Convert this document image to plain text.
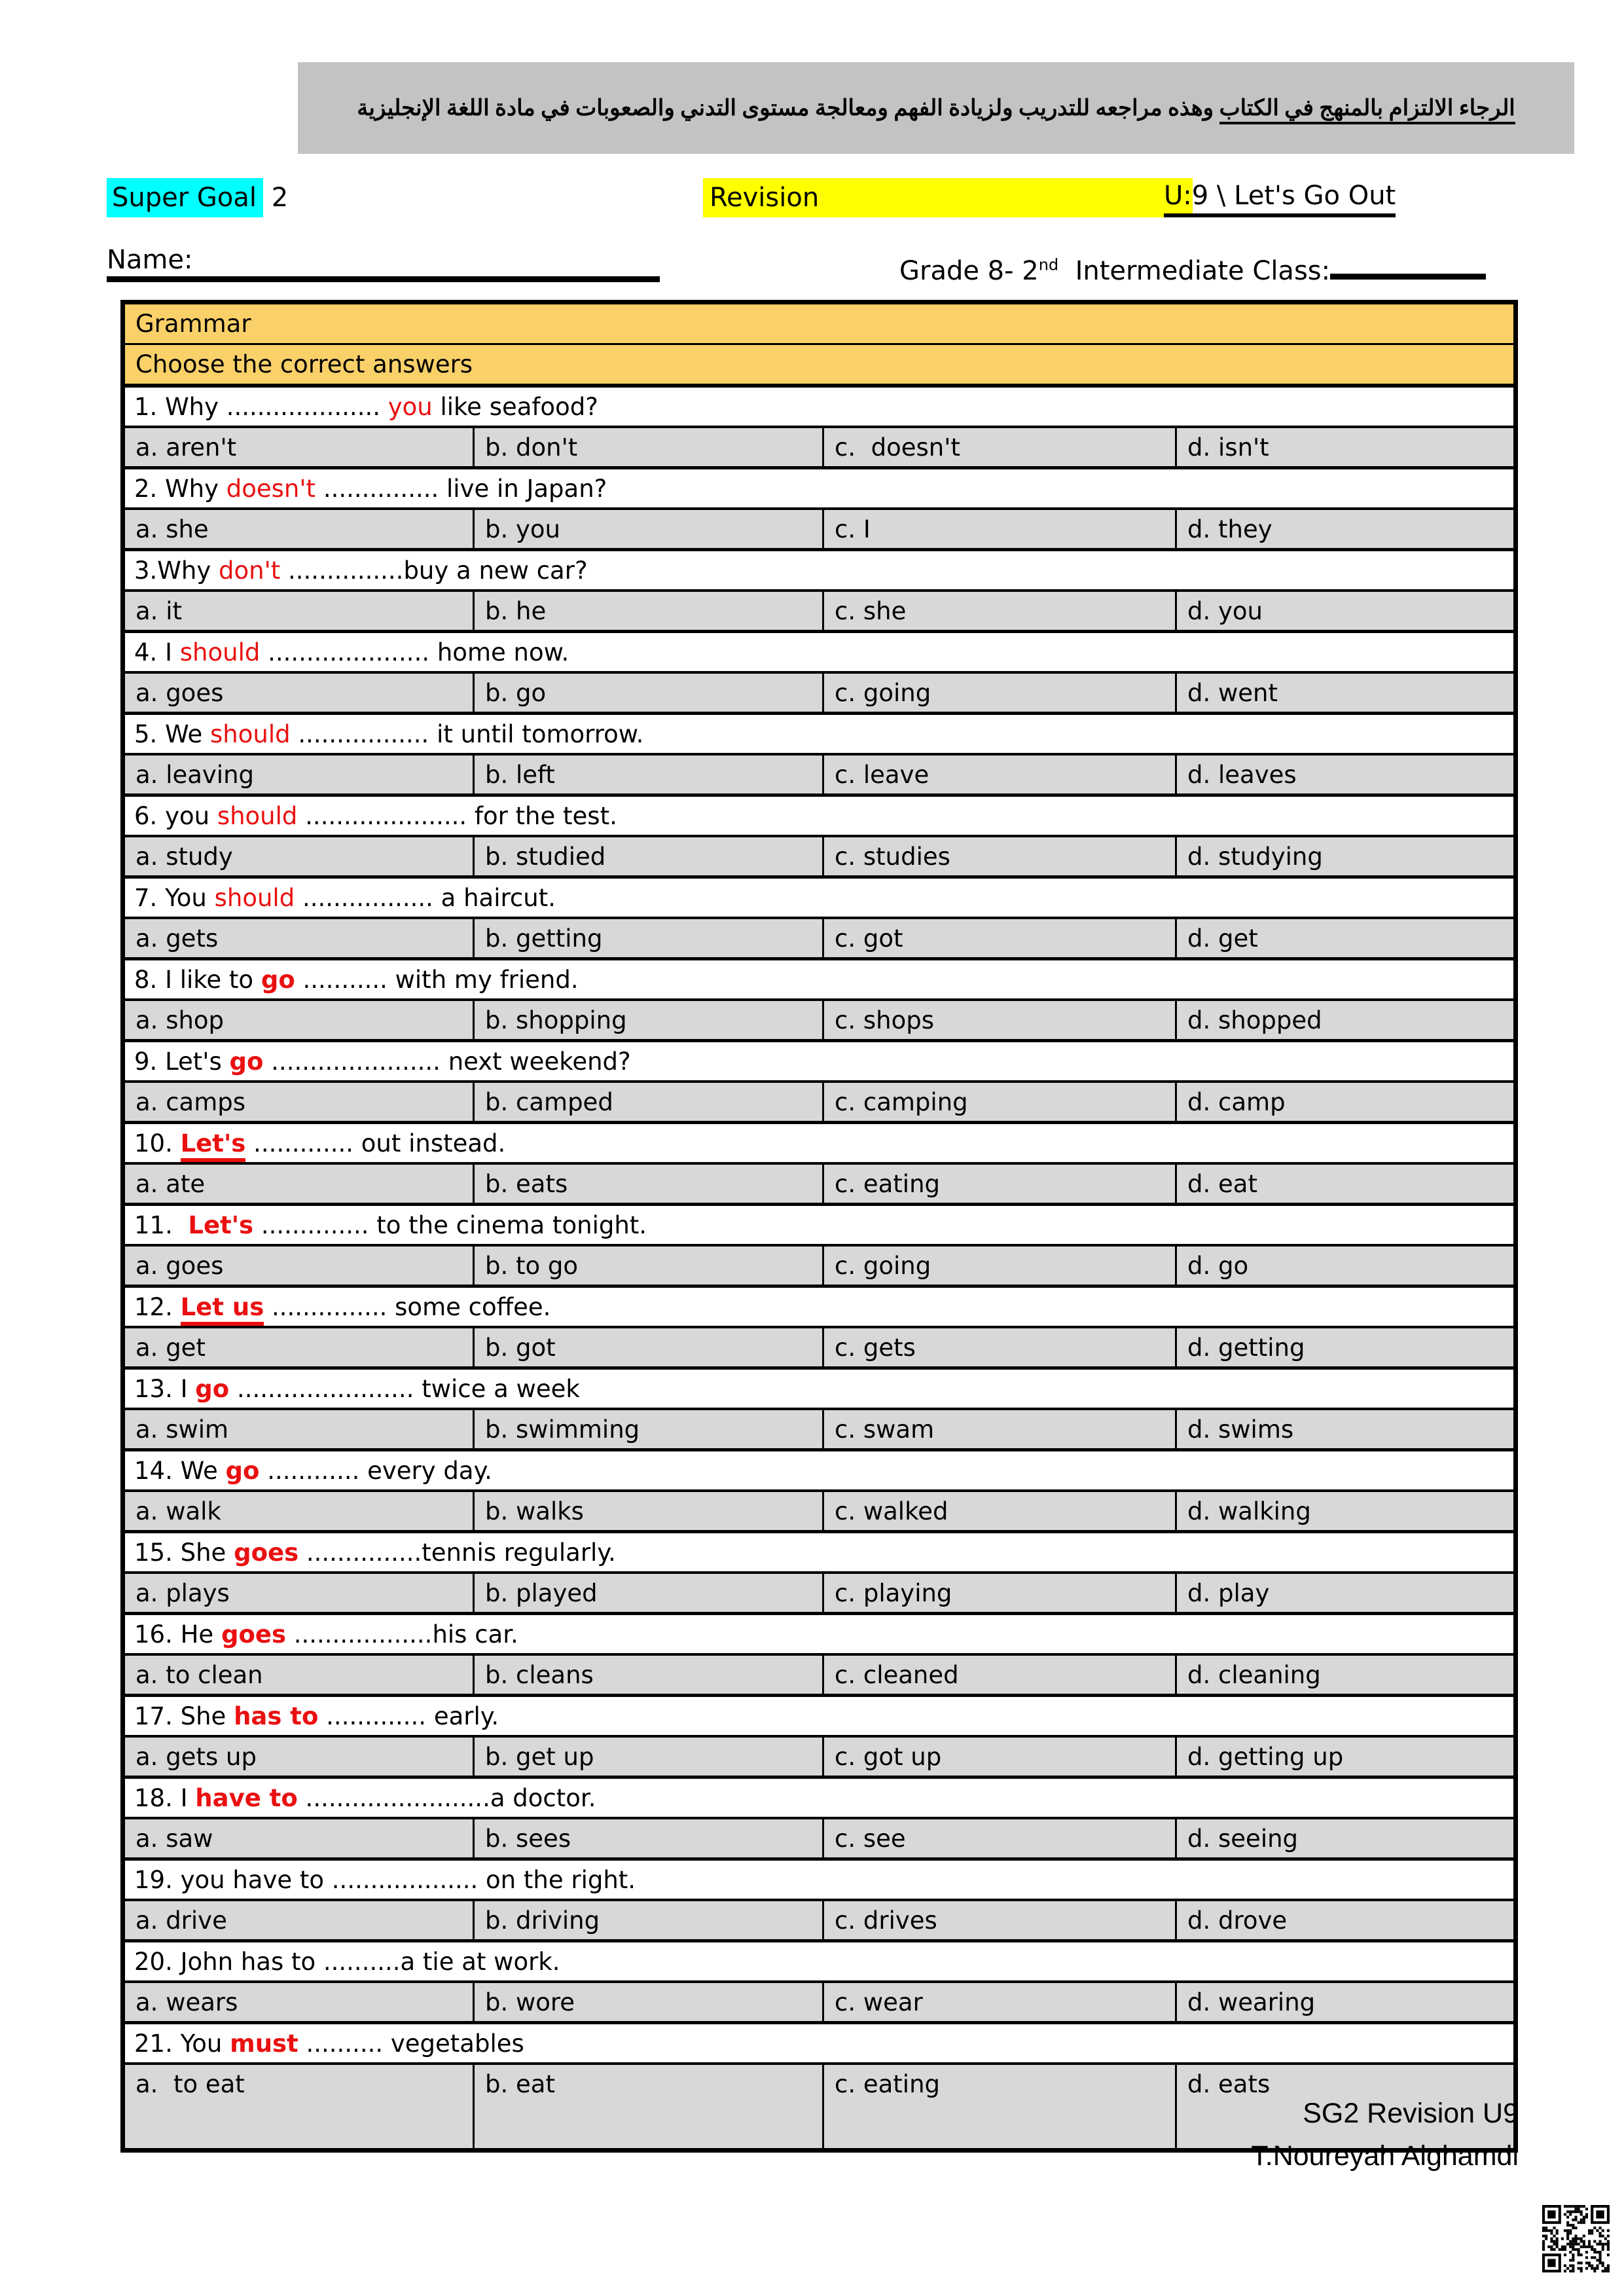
الرجاء الالتزام بالمنهج في الكتاب وهذه مراجعه للتدريب ولزيادة الفهم ومعالجة مستوى التدني والصعوبات في مادة اللغة الإنجليزية
Super Goal 2	Revision	U:9 \ Let's Go Out
Name:	Grade 8- 2nd  Intermediate Class:
Grammar			
Choose the correct answers			
1. Why .................... you like seafood?			
a. aren't	b. don't	c.  doesn't	d. isn't
2. Why doesn't ............... live in Japan?			
a. she	b. you	c. I	d. they
3.Why don't ...............buy a new car?			
a. it	b. he	c. she	d. you
4. I should ..................... home now.			
a. goes	b. go	c. going	d. went
5. We should ................. it until tomorrow.			
a. leaving	b. left	c. leave	d. leaves
6. you should ..................... for the test.			
a. study	b. studied	c. studies	d. studying
7. You should ................. a haircut.			
a. gets	b. getting	c. got	d. get
8. I like to go ........... with my friend.			
a. shop	b. shopping	c. shops	d. shopped
9. Let's go ...................... next weekend?			
a. camps	b. camped	c. camping	d. camp
10. Let's ............. out instead.			
a. ate	b. eats	c. eating	d. eat
11.  Let's .............. to the cinema tonight.			
a. goes	b. to go	c. going	d. go
12. Let us ............... some coffee.			
a. get	b. got	c. gets	d. getting
13. I go ....................... twice a week			
a. swim	b. swimming	c. swam	d. swims
14. We go ............ every day.			
a. walk	b. walks	c. walked	d. walking
15. She goes ...............tennis regularly.			
a. plays	b. played	c. playing	d. play
16. He goes ..................his car.			
a. to clean	b. cleans	c. cleaned	d. cleaning
17. She has to ............. early.			
a. gets up	b. get up	c. got up	d. getting up
18. I have to ........................a doctor.			
a. saw	b. sees	c. see	d. seeing
19. you have to ................... on the right.			
a. drive	b. driving	c. drives	d. drove
20. John has to ..........a tie at work.			
a. wears	b. wore	c. wear	d. wearing
21. You must .......... vegetables			
a.  to eat	b. eat	c. eating	d. eats
SG2 Revision U9
T.Noureyah Alghamdi
